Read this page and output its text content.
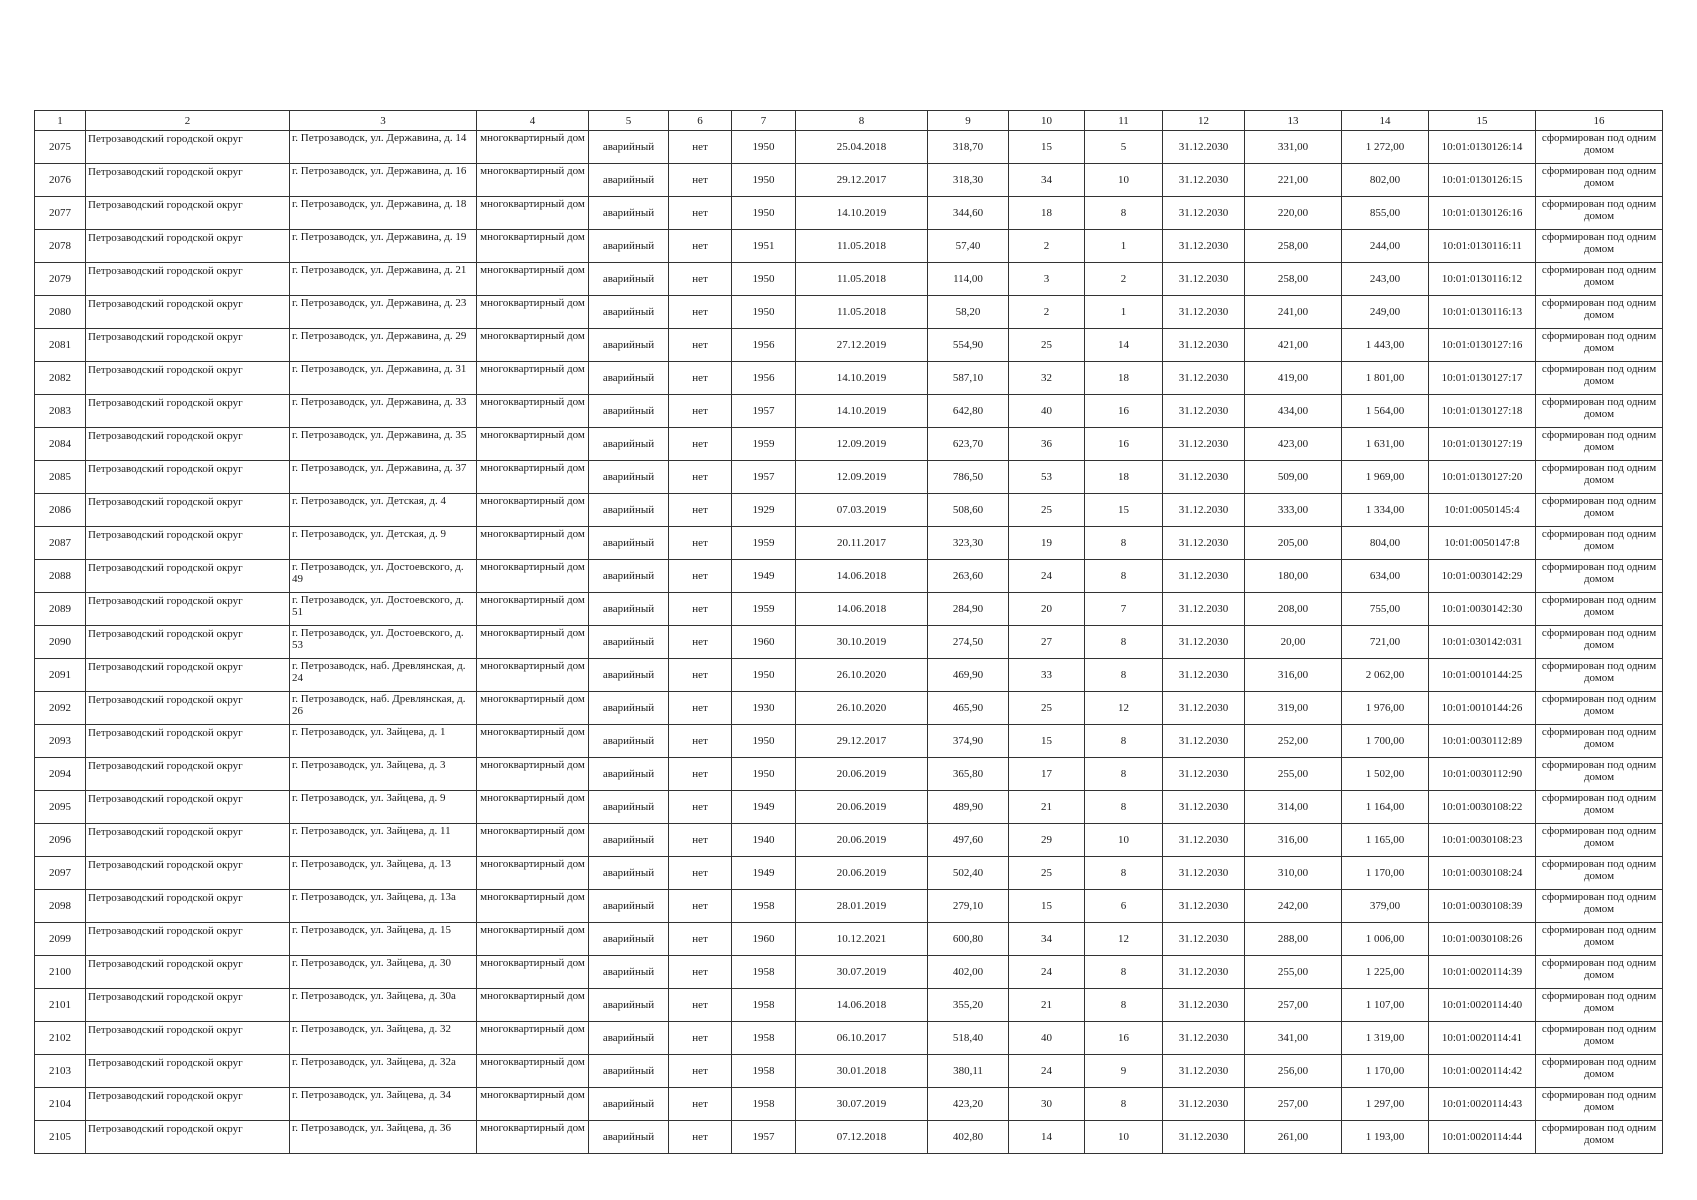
1	2	3	4	5	6	7	8	9	10	11	12	13	14	15	16
2075	Петрозаводский городской округ	г. Петрозаводск, ул. Державина, д. 14	многоквартирный дом	аварийный	нет	1950	25.04.2018	318,70	15	5	31.12.2030	331,00	1 272,00	10:01:0130126:14	сформирован под одним домом
2076	Петрозаводский городской округ	г. Петрозаводск, ул. Державина, д. 16	многоквартирный дом	аварийный	нет	1950	29.12.2017	318,30	34	10	31.12.2030	221,00	802,00	10:01:0130126:15	сформирован под одним домом
2077	Петрозаводский городской округ	г. Петрозаводск, ул. Державина, д. 18	многоквартирный дом	аварийный	нет	1950	14.10.2019	344,60	18	8	31.12.2030	220,00	855,00	10:01:0130126:16	сформирован под одним домом
2078	Петрозаводский городской округ	г. Петрозаводск, ул. Державина, д. 19	многоквартирный дом	аварийный	нет	1951	11.05.2018	57,40	2	1	31.12.2030	258,00	244,00	10:01:0130116:11	сформирован под одним домом
2079	Петрозаводский городской округ	г. Петрозаводск, ул. Державина, д. 21	многоквартирный дом	аварийный	нет	1950	11.05.2018	114,00	3	2	31.12.2030	258,00	243,00	10:01:0130116:12	сформирован под одним домом
2080	Петрозаводский городской округ	г. Петрозаводск, ул. Державина, д. 23	многоквартирный дом	аварийный	нет	1950	11.05.2018	58,20	2	1	31.12.2030	241,00	249,00	10:01:0130116:13	сформирован под одним домом
2081	Петрозаводский городской округ	г. Петрозаводск, ул. Державина, д. 29	многоквартирный дом	аварийный	нет	1956	27.12.2019	554,90	25	14	31.12.2030	421,00	1 443,00	10:01:0130127:16	сформирован под одним домом
2082	Петрозаводский городской округ	г. Петрозаводск, ул. Державина, д. 31	многоквартирный дом	аварийный	нет	1956	14.10.2019	587,10	32	18	31.12.2030	419,00	1 801,00	10:01:0130127:17	сформирован под одним домом
2083	Петрозаводский городской округ	г. Петрозаводск, ул. Державина, д. 33	многоквартирный дом	аварийный	нет	1957	14.10.2019	642,80	40	16	31.12.2030	434,00	1 564,00	10:01:0130127:18	сформирован под одним домом
2084	Петрозаводский городской округ	г. Петрозаводск, ул. Державина, д. 35	многоквартирный дом	аварийный	нет	1959	12.09.2019	623,70	36	16	31.12.2030	423,00	1 631,00	10:01:0130127:19	сформирован под одним домом
2085	Петрозаводский городской округ	г. Петрозаводск, ул. Державина, д. 37	многоквартирный дом	аварийный	нет	1957	12.09.2019	786,50	53	18	31.12.2030	509,00	1 969,00	10:01:0130127:20	сформирован под одним домом
2086	Петрозаводский городской округ	г. Петрозаводск, ул. Детская, д. 4	многоквартирный дом	аварийный	нет	1929	07.03.2019	508,60	25	15	31.12.2030	333,00	1 334,00	10:01:0050145:4	сформирован под одним домом
2087	Петрозаводский городской округ	г. Петрозаводск, ул. Детская, д. 9	многоквартирный дом	аварийный	нет	1959	20.11.2017	323,30	19	8	31.12.2030	205,00	804,00	10:01:0050147:8	сформирован под одним домом
2088	Петрозаводский городской округ	г. Петрозаводск, ул. Достоевского, д. 49	многоквартирный дом	аварийный	нет	1949	14.06.2018	263,60	24	8	31.12.2030	180,00	634,00	10:01:0030142:29	сформирован под одним домом
2089	Петрозаводский городской округ	г. Петрозаводск, ул. Достоевского, д. 51	многоквартирный дом	аварийный	нет	1959	14.06.2018	284,90	20	7	31.12.2030	208,00	755,00	10:01:0030142:30	сформирован под одним домом
2090	Петрозаводский городской округ	г. Петрозаводск, ул. Достоевского, д. 53	многоквартирный дом	аварийный	нет	1960	30.10.2019	274,50	27	8	31.12.2030	20,00	721,00	10:01:030142:031	сформирован под одним домом
2091	Петрозаводский городской округ	г. Петрозаводск, наб. Древлянская, д. 24	многоквартирный дом	аварийный	нет	1950	26.10.2020	469,90	33	8	31.12.2030	316,00	2 062,00	10:01:0010144:25	сформирован под одним домом
2092	Петрозаводский городской округ	г. Петрозаводск, наб. Древлянская, д. 26	многоквартирный дом	аварийный	нет	1930	26.10.2020	465,90	25	12	31.12.2030	319,00	1 976,00	10:01:0010144:26	сформирован под одним домом
2093	Петрозаводский городской округ	г. Петрозаводск, ул. Зайцева, д. 1	многоквартирный дом	аварийный	нет	1950	29.12.2017	374,90	15	8	31.12.2030	252,00	1 700,00	10:01:0030112:89	сформирован под одним домом
2094	Петрозаводский городской округ	г. Петрозаводск, ул. Зайцева, д. 3	многоквартирный дом	аварийный	нет	1950	20.06.2019	365,80	17	8	31.12.2030	255,00	1 502,00	10:01:0030112:90	сформирован под одним домом
2095	Петрозаводский городской округ	г. Петрозаводск, ул. Зайцева, д. 9	многоквартирный дом	аварийный	нет	1949	20.06.2019	489,90	21	8	31.12.2030	314,00	1 164,00	10:01:0030108:22	сформирован под одним домом
2096	Петрозаводский городской округ	г. Петрозаводск, ул. Зайцева, д. 11	многоквартирный дом	аварийный	нет	1940	20.06.2019	497,60	29	10	31.12.2030	316,00	1 165,00	10:01:0030108:23	сформирован под одним домом
2097	Петрозаводский городской округ	г. Петрозаводск, ул. Зайцева, д. 13	многоквартирный дом	аварийный	нет	1949	20.06.2019	502,40	25	8	31.12.2030	310,00	1 170,00	10:01:0030108:24	сформирован под одним домом
2098	Петрозаводский городской округ	г. Петрозаводск, ул. Зайцева, д. 13а	многоквартирный дом	аварийный	нет	1958	28.01.2019	279,10	15	6	31.12.2030	242,00	379,00	10:01:0030108:39	сформирован под одним домом
2099	Петрозаводский городской округ	г. Петрозаводск, ул. Зайцева, д. 15	многоквартирный дом	аварийный	нет	1960	10.12.2021	600,80	34	12	31.12.2030	288,00	1 006,00	10:01:0030108:26	сформирован под одним домом
2100	Петрозаводский городской округ	г. Петрозаводск, ул. Зайцева, д. 30	многоквартирный дом	аварийный	нет	1958	30.07.2019	402,00	24	8	31.12.2030	255,00	1 225,00	10:01:0020114:39	сформирован под одним домом
2101	Петрозаводский городской округ	г. Петрозаводск, ул. Зайцева, д. 30а	многоквартирный дом	аварийный	нет	1958	14.06.2018	355,20	21	8	31.12.2030	257,00	1 107,00	10:01:0020114:40	сформирован под одним домом
2102	Петрозаводский городской округ	г. Петрозаводск, ул. Зайцева, д. 32	многоквартирный дом	аварийный	нет	1958	06.10.2017	518,40	40	16	31.12.2030	341,00	1 319,00	10:01:0020114:41	сформирован под одним домом
2103	Петрозаводский городской округ	г. Петрозаводск, ул. Зайцева, д. 32а	многоквартирный дом	аварийный	нет	1958	30.01.2018	380,11	24	9	31.12.2030	256,00	1 170,00	10:01:0020114:42	сформирован под одним домом
2104	Петрозаводский городской округ	г. Петрозаводск, ул. Зайцева, д. 34	многоквартирный дом	аварийный	нет	1958	30.07.2019	423,20	30	8	31.12.2030	257,00	1 297,00	10:01:0020114:43	сформирован под одним домом
2105	Петрозаводский городской округ	г. Петрозаводск, ул. Зайцева, д. 36	многоквартирный дом	аварийный	нет	1957	07.12.2018	402,80	14	10	31.12.2030	261,00	1 193,00	10:01:0020114:44	сформирован под одним домом
